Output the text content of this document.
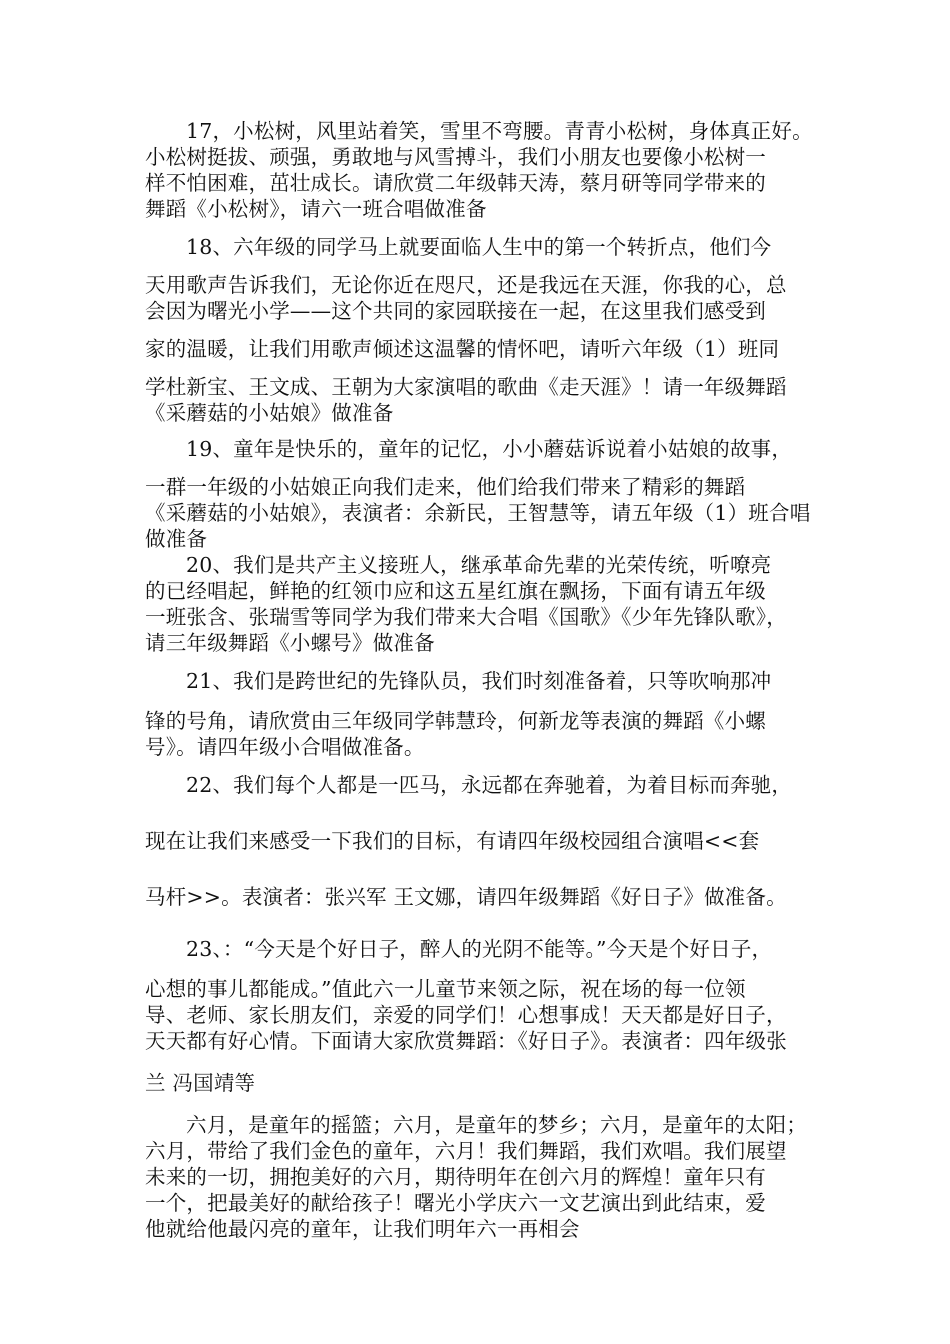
17，小松树，风里站着笑，雪里不弯腰。青青小松树，身体真正好。
小松树挺拔、顽强，勇敢地与风雪搏斗，我们小朋友也要像小松树一
样不怕困难，茁壮成长。请欣赏二年级韩天涛，蔡月研等同学带来的
舞蹈《小松树》，请六一班合唱做准备
18、六年级的同学马上就要面临人生中的第一个转折点，他们今
天用歌声告诉我们，无论你近在咫尺，还是我远在天涯，你我的心，总
会因为曙光小学——这个共同的家园联接在一起，在这里我们感受到
家的温暖，让我们用歌声倾述这温馨的情怀吧，请听六年级（1）班同
学杜新宝、王文成、王朝为大家演唱的歌曲《走天涯》！请一年级舞蹈
《采蘑菇的小姑娘》做准备
19、童年是快乐的，童年的记忆，小小蘑菇诉说着小姑娘的故事，
一群一年级的小姑娘正向我们走来，他们给我们带来了精彩的舞蹈
《采蘑菇的小姑娘》，表演者：余新民，王智慧等，请五年级（1）班合唱
做准备
20、我们是共产主义接班人，继承革命先辈的光荣传统，听嘹亮
的已经唱起，鲜艳的红领巾应和这五星红旗在飘扬，下面有请五年级
一班张含、张瑞雪等同学为我们带来大合唱《国歌》《少年先锋队歌》，
请三年级舞蹈《小螺号》做准备
21、我们是跨世纪的先锋队员，我们时刻准备着，只等吹响那冲
锋的号角，请欣赏由三年级同学韩慧玲，何新龙等表演的舞蹈《小螺
号》。请四年级小合唱做准备。
22、我们每个人都是一匹马，永远都在奔驰着，为着目标而奔驰，
现在让我们来感受一下我们的目标，有请四年级校园组合演唱<<套
马杆>>。表演者：张兴军 王文娜，请四年级舞蹈《好日子》做准备。
23、：“今天是个好日子，醉人的光阴不能等。”今天是个好日子，
心想的事儿都能成。”值此六一儿童节来领之际，祝在场的每一位领
导、老师、家长朋友们，亲爱的同学们！心想事成！天天都是好日子，
天天都有好心情。下面请大家欣赏舞蹈：《好日子》。表演者：四年级张
兰 冯国靖等
六月，是童年的摇篮；六月，是童年的梦乡；六月，是童年的太阳；
六月，带给了我们金色的童年，六月！我们舞蹈，我们欢唱。我们展望
未来的一切，拥抱美好的六月，期待明年在创六月的辉煌！童年只有
一个，把最美好的献给孩子！曙光小学庆六一文艺演出到此结束，爱
他就给他最闪亮的童年，让我们明年六一再相会
